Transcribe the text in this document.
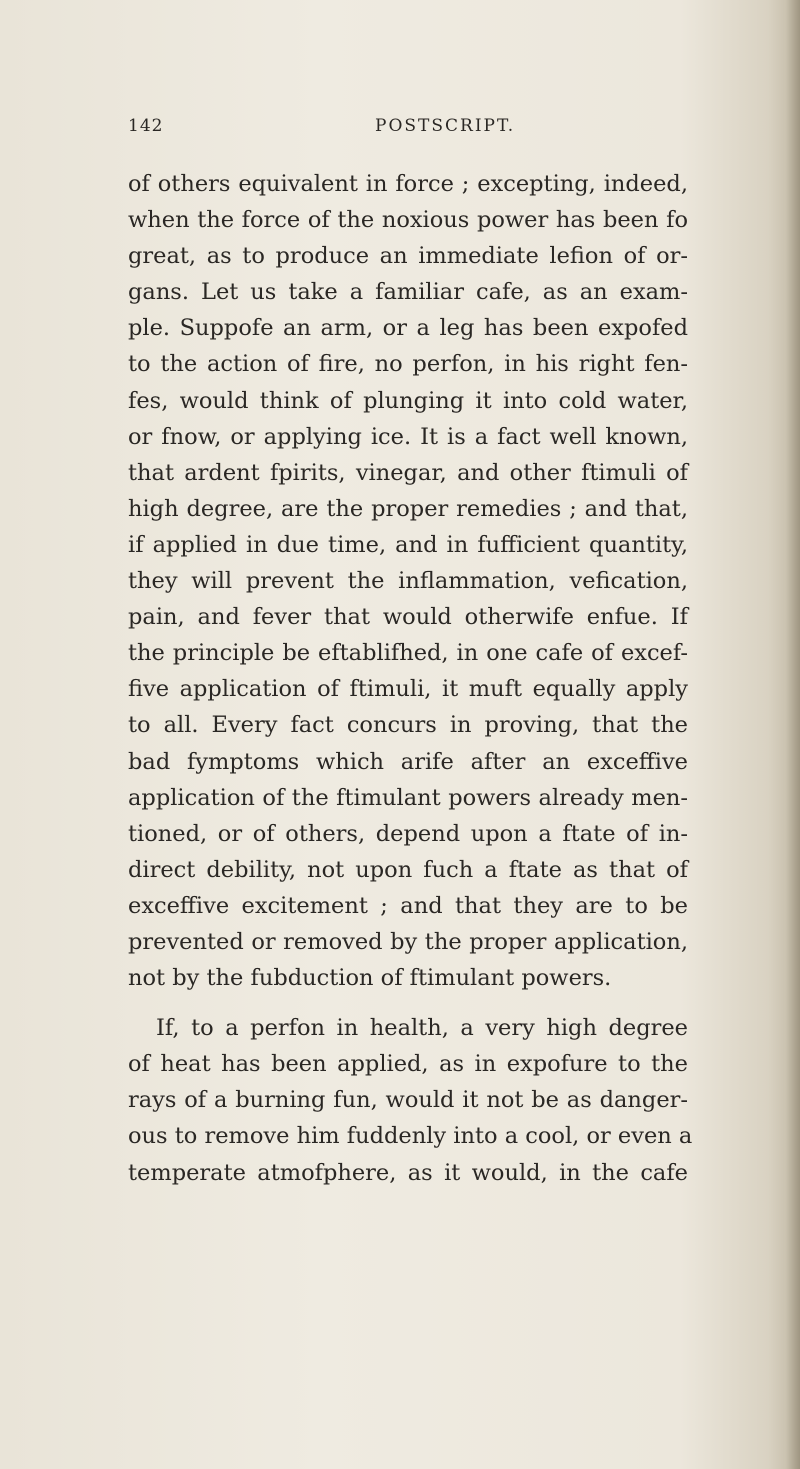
142	POSTSCRIPT.
of others equivalent in force ; excepting, indeed,
when the force of the noxious power has been fo
great, as to produce an immediate lefion of or-
gans. Let us take a familiar cafe, as an exam-
ple. Suppofe an arm, or a leg has been expofed
to the action of fire, no perfon, in his right fen-
fes, would think of plunging it into cold water,
or fnow, or applying ice. It is a fact well known,
that ardent fpirits, vinegar, and other ftimuli of
high degree, are the proper remedies ; and that,
if applied in due time, and in fufficient quantity,
they will prevent the inflammation, vefication,
pain, and fever that would otherwife enfue. If
the principle be eftablifhed, in one cafe of excef-
five application of ftimuli, it muft equally apply
to all. Every fact concurs in proving, that the
bad fymptoms which arife after an exceffive
application of the ftimulant powers already men-
tioned, or of others, depend upon a ftate of in-
direct debility, not upon fuch a ftate as that of
exceffive excitement ; and that they are to be
prevented or removed by the proper application,
not by the fubduction of ftimulant powers.
If, to a perfon in health, a very high degree
of heat has been applied, as in expofure to the
rays of a burning fun, would it not be as danger-
ous to remove him fuddenly into a cool, or even a
temperate atmofphere, as it would, in the cafe
